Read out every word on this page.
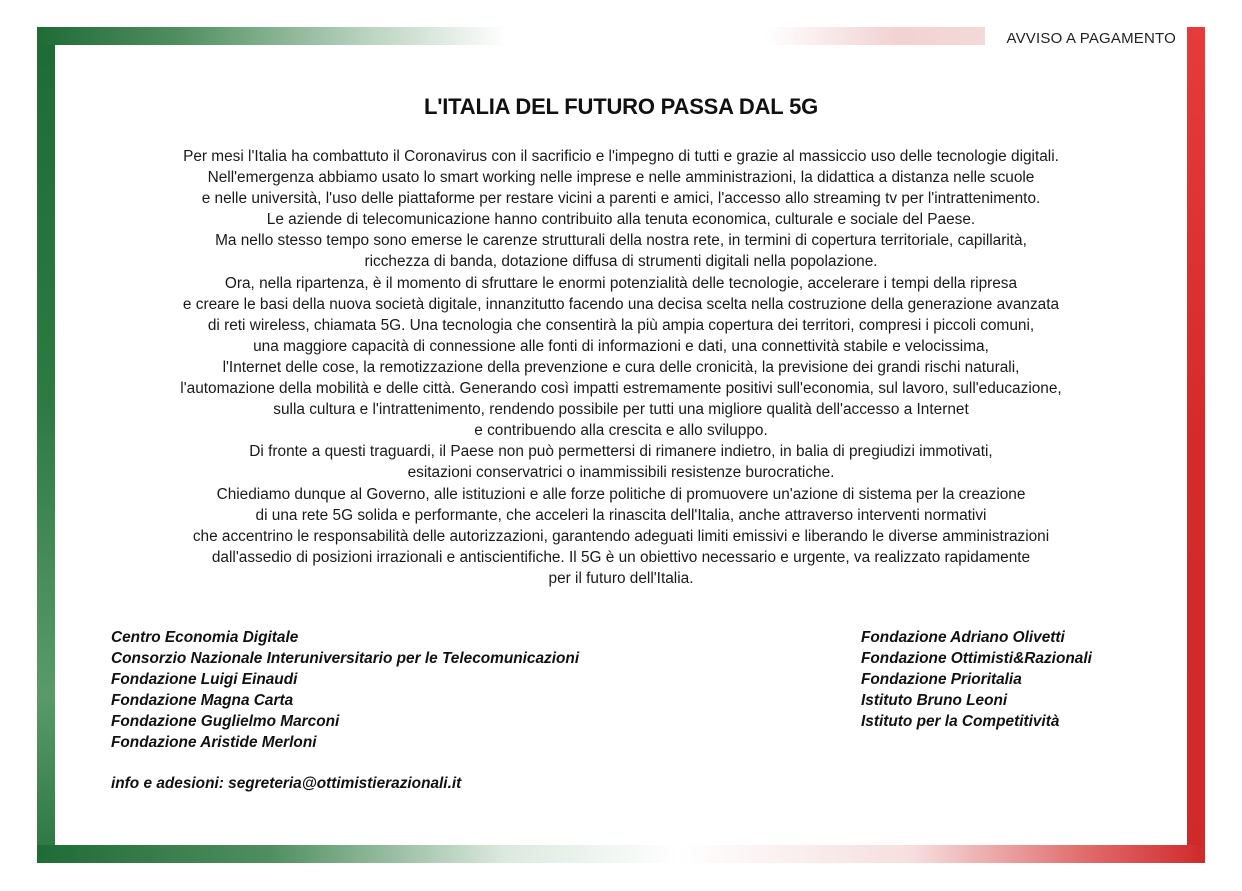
AVVISO A PAGAMENTO
L'ITALIA DEL FUTURO PASSA DAL 5G
Per mesi l'Italia ha combattuto il Coronavirus con il sacrificio e l'impegno di tutti e grazie al massiccio uso delle tecnologie digitali.
Nell'emergenza abbiamo usato lo smart working nelle imprese e nelle amministrazioni, la didattica a distanza nelle scuole
e nelle università, l'uso delle piattaforme per restare vicini a parenti e amici, l'accesso allo streaming tv per l'intrattenimento.
Le aziende di telecomunicazione hanno contribuito alla tenuta economica, culturale e sociale del Paese.
Ma nello stesso tempo sono emerse le carenze strutturali della nostra rete, in termini di copertura territoriale, capillarità,
ricchezza di banda, dotazione diffusa di strumenti digitali nella popolazione.
Ora, nella ripartenza, è il momento di sfruttare le enormi potenzialità delle tecnologie, accelerare i tempi della ripresa
e creare le basi della nuova società digitale, innanzitutto facendo una decisa scelta nella costruzione della generazione avanzata
di reti wireless, chiamata 5G. Una tecnologia che consentirà la più ampia copertura dei territori, compresi i piccoli comuni,
una maggiore capacità di connessione alle fonti di informazioni e dati, una connettività stabile e velocissima,
l'Internet delle cose, la remotizzazione della prevenzione e cura delle cronicità, la previsione dei grandi rischi naturali,
l'automazione della mobilità e delle città. Generando così impatti estremamente positivi sull'economia, sul lavoro, sull'educazione,
sulla cultura e l'intrattenimento, rendendo possibile per tutti una migliore qualità dell'accesso a Internet
e contribuendo alla crescita e allo sviluppo.
Di fronte a questi traguardi, il Paese non può permettersi di rimanere indietro, in balia di pregiudizi immotivati,
esitazioni conservatrici o inammissibili resistenze burocratiche.
Chiediamo dunque al Governo, alle istituzioni e alle forze politiche di promuovere un'azione di sistema per la creazione
di una rete 5G solida e performante, che acceleri la rinascita dell'Italia, anche attraverso interventi normativi
che accentrino le responsabilità delle autorizzazioni, garantendo adeguati limiti emissivi e liberando le diverse amministrazioni
dall'assedio di posizioni irrazionali e antiscientifiche. Il 5G è un obiettivo necessario e urgente, va realizzato rapidamente
per il futuro dell'Italia.
Centro Economia Digitale
Consorzio Nazionale Interuniversitario per le Telecomunicazioni
Fondazione Luigi Einaudi
Fondazione Magna Carta
Fondazione Guglielmo Marconi
Fondazione Aristide Merloni
Fondazione Adriano Olivetti
Fondazione Ottimisti&Razionali
Fondazione Prioritalia
Istituto Bruno Leoni
Istituto per la Competitività
info e adesioni: segreteria@ottimistierazionali.it
